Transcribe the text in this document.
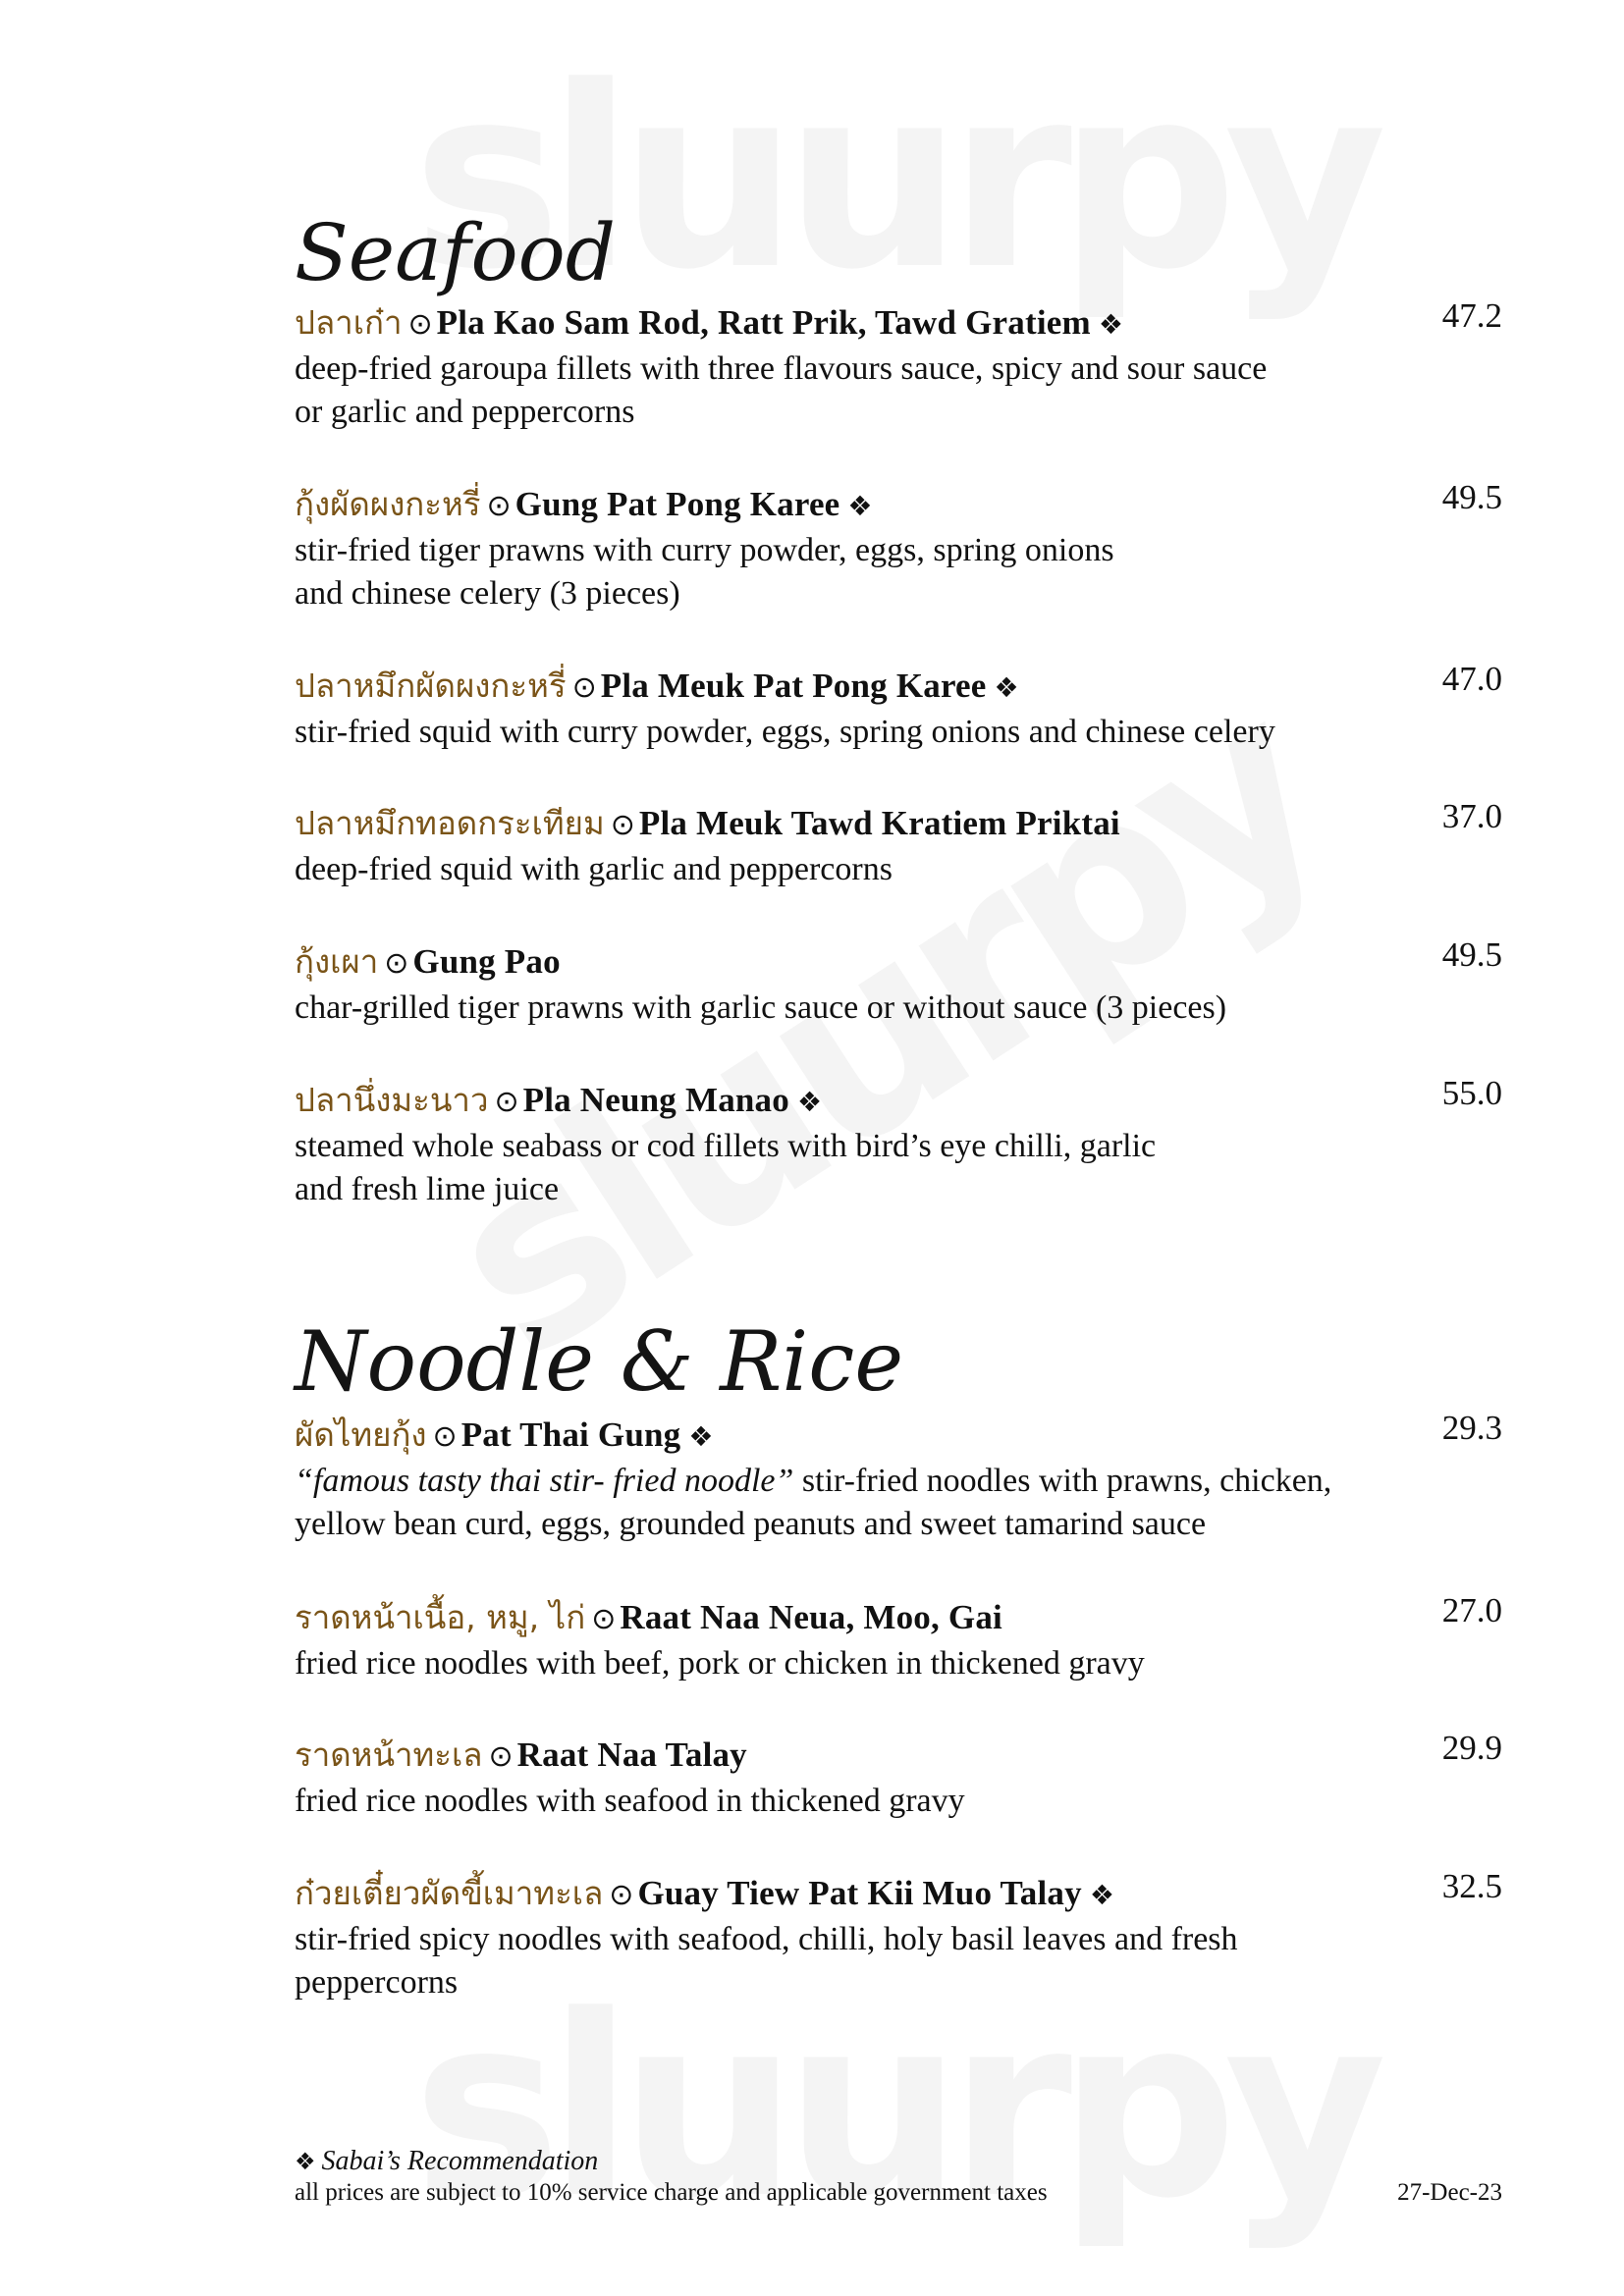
Seafood
ปลาเก๋า ⊙ Pla Kao Sam Rod, Ratt Prik, Tawd Gratiem ❖	47.2
deep-fried garoupa fillets with three flavours sauce, spicy and sour sauce
or garlic and peppercorns
กุ้งผัดผงกะหรี่ ⊙ Gung Pat Pong Karee ❖	49.5
stir-fried tiger prawns with curry powder, eggs, spring onions
and chinese celery (3 pieces)
ปลาหมึกผัดผงกะหรี่ ⊙ Pla Meuk Pat Pong Karee ❖	47.0
stir-fried squid with curry powder, eggs, spring onions and chinese celery
ปลาหมึกทอดกระเทียม ⊙ Pla Meuk Tawd Kratiem Priktai	37.0
deep-fried squid with garlic and peppercorns
กุ้งเผา ⊙ Gung Pao	49.5
char-grilled tiger prawns with garlic sauce or without sauce (3 pieces)
ปลานึ่งมะนาว ⊙ Pla Neung Manao ❖	55.0
steamed whole seabass or cod fillets with bird’s eye chilli, garlic
and fresh lime juice
Noodle & Rice
ผัดไทยกุ้ง ⊙ Pat Thai Gung ❖	29.3
“famous tasty thai stir- fried noodle” stir-fried noodles with prawns, chicken,
yellow bean curd, eggs, grounded peanuts and sweet tamarind sauce
ราดหน้าเนื้อ, หมู, ไก่ ⊙ Raat Naa Neua, Moo, Gai	27.0
fried rice noodles with beef, pork or chicken in thickened gravy
ราดหน้าทะเล ⊙ Raat Naa Talay	29.9
fried rice noodles with seafood in thickened gravy
ก๋วยเตี๋ยวผัดขี้เมาทะเล ⊙ Guay Tiew Pat Kii Muo Talay ❖	32.5
stir-fried spicy noodles with seafood, chilli, holy basil leaves and fresh
peppercorns
❖ Sabai’s Recommendation
all prices are subject to 10% service charge and applicable government taxes	27-Dec-23
